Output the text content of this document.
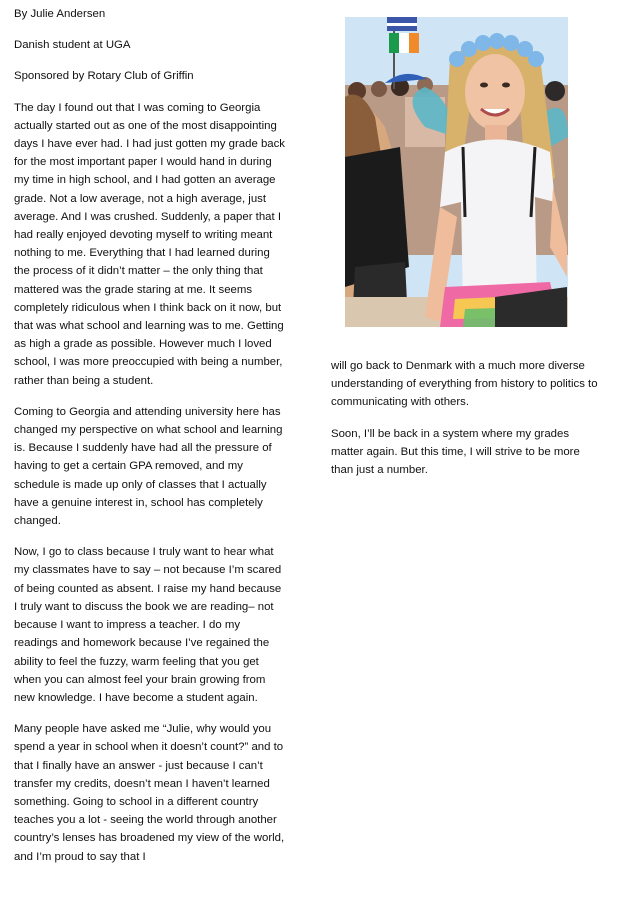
By Julie Andersen

Danish student at UGA

Sponsored by Rotary Club of Griffin

The day I found out that I was coming to Georgia actually started out as one of the most disappointing days I have ever had. I had just gotten my grade back for the most important paper I would hand in during my time in high school, and I had gotten an average grade. Not a low average, not a high average, just average. And I was crushed. Suddenly, a paper that I had really enjoyed devoting myself to writing meant nothing to me. Everything that I had learned during the process of it didn’t matter – the only thing that mattered was the grade staring at me. It seems completely ridiculous when I think back on it now, but that was what school and learning was to me. Getting as high a grade as possible. However much I loved school, I was more preoccupied with being a number, rather than being a student.

Coming to Georgia and attending university here has changed my perspective on what school and learning is. Because I suddenly have had all the pressure of having to get a certain GPA removed, and my schedule is made up only of classes that I actually have a genuine interest in, school has completely changed.

Now, I go to class because I truly want to hear what my classmates have to say – not because I’m scared of being counted as absent. I raise my hand because I truly want to discuss the book we are reading– not because I want to impress a teacher. I do my readings and homework because I’ve regained the ability to feel the fuzzy, warm feeling that you get when you can almost feel your brain growing from new knowledge. I have become a student again.

Many people have asked me “Julie, why would you spend a year in school when it doesn’t count?” and to that I finally have an answer - just because I can’t transfer my credits, doesn’t mean I haven’t learned something. Going to school in a different country teaches you a lot - seeing the world through another country’s lenses has broadened my view of the world, and I’m proud to say that I

will go back to Denmark with a much more diverse understanding of everything from history to politics to communicating with others.

Soon, I’ll be back in a system where my grades matter again. But this time, I will strive to be more than just a number.
